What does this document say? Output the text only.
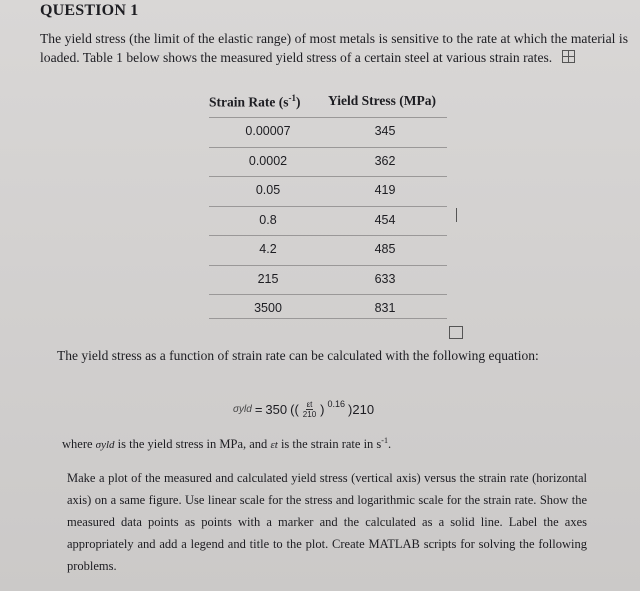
QUESTION 1
The yield stress (the limit of the elastic range) of most metals is sensitive to the rate at which the material is loaded. Table 1 below shows the measured yield stress of a certain steel at various strain rates.
Strain Rate $(s^{-1})$ Yield Stress (MPa)
0.00007	345
0.0002	362
0.05	419
0.8	454
4.2	485
215	633
3500	831
The yield stress as a function of strain rate can be calculated with the following equation:
σyld = 350 (( $\frac{\varepsilon t}{210}$ ) 0.16 )210
where σyld is the yield stress in MPa, and εt is the strain rate in $s^{-1}$.
Make a plot of the measured and calculated yield stress (vertical axis) versus the strain rate (horizontal axis) on a same figure. Use linear scale for the stress and logarithmic scale for the strain rate. Show the measured data points as points with a marker and the calculated as a solid line. Label the axes appropriately and add a legend and title to the plot. Create MATLAB scripts for solving the following problems.
